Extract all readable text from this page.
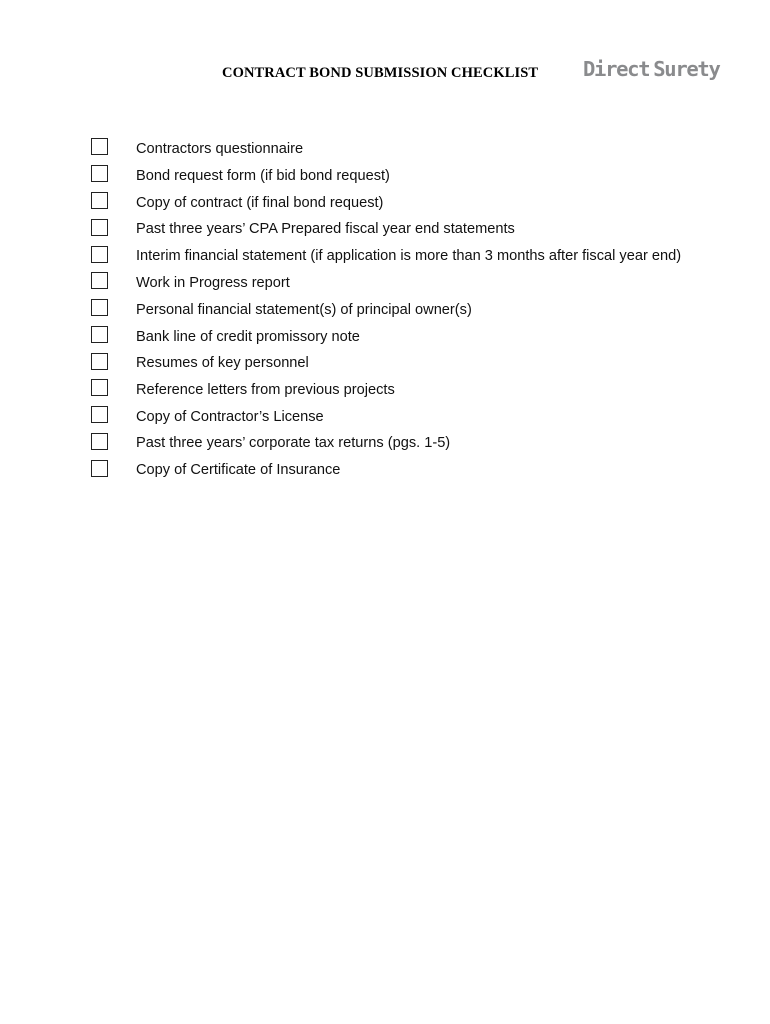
CONTRACT BOND SUBMISSION CHECKLIST Direct Surety
Contractors questionnaire
Bond request form (if bid bond request)
Copy of contract (if final bond request)
Past three years’ CPA Prepared fiscal year end statements
Interim financial statement (if application is more than 3 months after fiscal year end)
Work in Progress report
Personal financial statement(s) of principal owner(s)
Bank line of credit promissory note
Resumes of key personnel
Reference letters from previous projects
Copy of Contractor’s License
Past three years’ corporate tax returns (pgs. 1-5)
Copy of Certificate of Insurance
